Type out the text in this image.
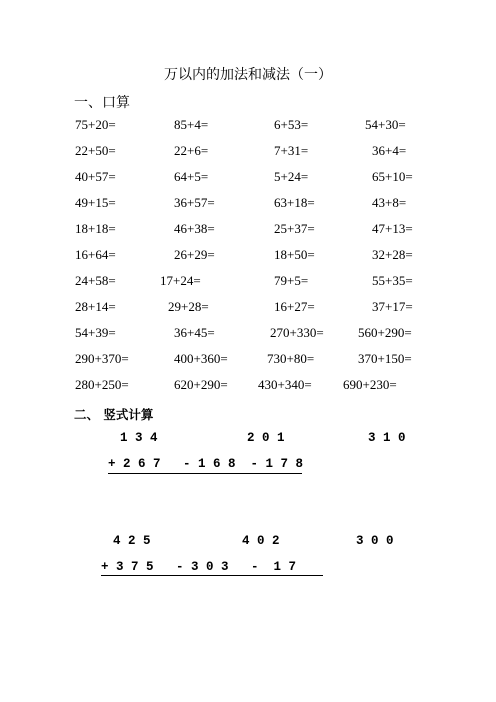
万以内的加法和减法（一）
一、口算
75+20=	85+4=	6+53=	54+30=
22+50=	22+6=	7+31=	36+4=
40+57=	64+5=	5+24=	65+10=
49+15=	36+57=	63+18=	43+8=
18+18=	46+38=	25+37=	47+13=
16+64=	26+29=	18+50=	32+28=
24+58=	17+24=	79+5=	55+35=
28+14=	29+28=	16+27=	37+17=
54+39=	36+45=	270+330=	560+290=
290+370=	400+360=	730+80=	370+150=
280+250=	620+290= 430+340= 690+230=
二、 竖式计算
1 3 4	2 0 1	3 1 0
+ 2 6 7   - 1 6 8  - 1 7 8
4 2 5	4 0 2	3 0 0
+ 3 7 5   - 3 0 3   -  1 7
